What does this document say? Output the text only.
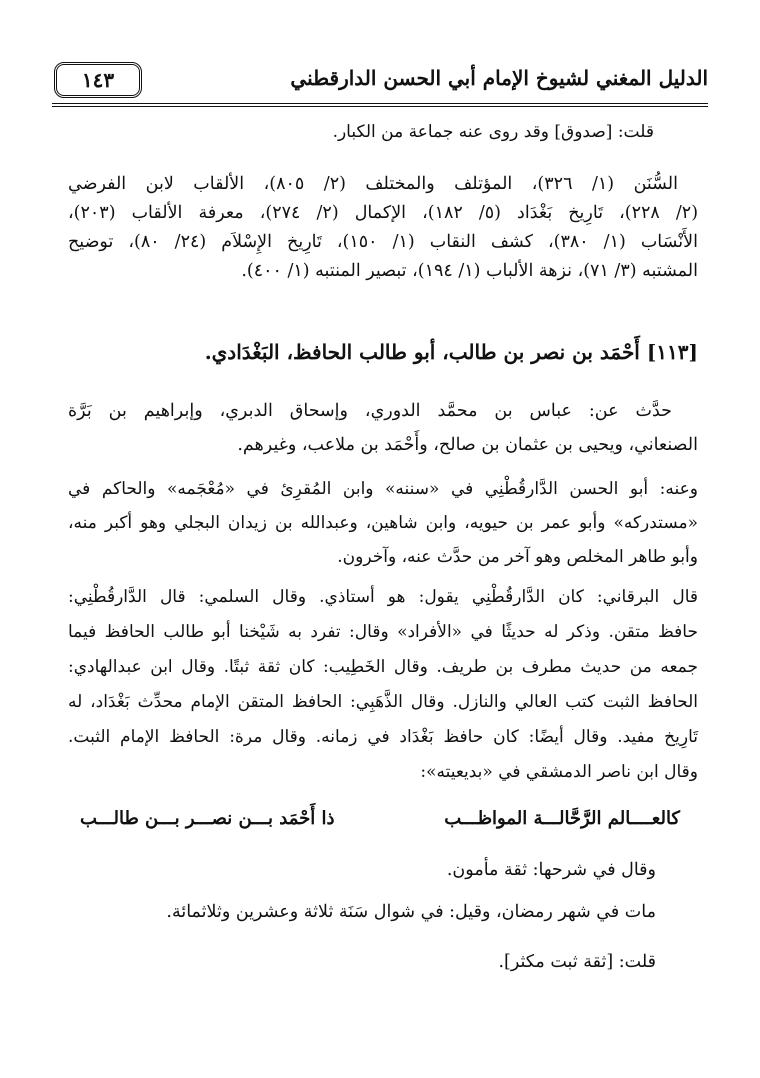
الدليل المغني لشيوخ الإمام أبي الحسن الدارقطني
١٤٣
قلت: [صدوق] وقد روى عنه جماعة من الكبار.
السُّنَن (١/ ٣٢٦)، المؤتلف والمختلف (٢/ ٨٠٥)، الألقاب لابن الفرضي
(٢/ ٢٢٨)، تَارِيخ بَغْدَاد (٥/ ١٨٢)، الإكمال (٢/ ٢٧٤)، معرفة الألقاب (٢٠٣)،
الأَنْسَاب (١/ ٣٨٠)، كشف النقاب (١/ ١٥٠)، تَارِيخ الإِسْلاَم (٢٤/ ٨٠)، توضيح
المشتبه (٣/ ٧١)، نزهة الألباب (١/ ١٩٤)، تبصير المنتبه (١/ ٤٠٠).
[١١٣] أَحْمَد بن نصر بن طالب، أبو طالب الحافظ، البَغْدَادي.
حدَّث عن: عباس بن محمَّد الدوري، وإسحاق الدبري، وإبراهيم بن بَرَّة
الصنعاني، ويحيى بن عثمان بن صالح، وأَحْمَد بن ملاعب، وغيرهم.
وعنه: أبو الحسن الدَّارقُطْنِي في «سننه» وابن المُقرِئ في «مُعْجَمه» والحاكم في
«مستدركه» وأبو عمر بن حيويه، وابن شاهين، وعبدالله بن زيدان البجلي وهو أكبر منه،
وأبو طاهر المخلص وهو آخر من حدَّث عنه، وآخرون.
قال البرقاني: كان الدَّارقُطْنِي يقول: هو أستاذي. وقال السلمي: قال الدَّارقُطْنِي:
حافظ متقن. وذكر له حديثًا في «الأفراد» وقال: تفرد به شَيْخنا أبو طالب الحافظ فيما
جمعه من حديث مطرف بن طريف. وقال الخَطِيب: كان ثقة ثبتًا. وقال ابن عبدالهادي:
الحافظ الثبت كتب العالي والنازل. وقال الذَّهَبِي: الحافظ المتقن الإمام محدِّث بَغْدَاد، له
تَارِيخ مفيد. وقال أيضًا: كان حافظ بَغْدَاد في زمانه. وقال مرة: الحافظ الإمام الثبت.
وقال ابن ناصر الدمشقي في «بديعيته»:
كالعــــالم الرَّحَّالـــة المواظـــب
ذا أَحْمَد بـــن نصـــر بـــن طالـــب
وقال في شرحها: ثقة مأمون.
مات في شهر رمضان، وقيل: في شوال سَنَة ثلاثة وعشرين وثلاثمائة.
قلت: [ثقة ثبت مكثر].
